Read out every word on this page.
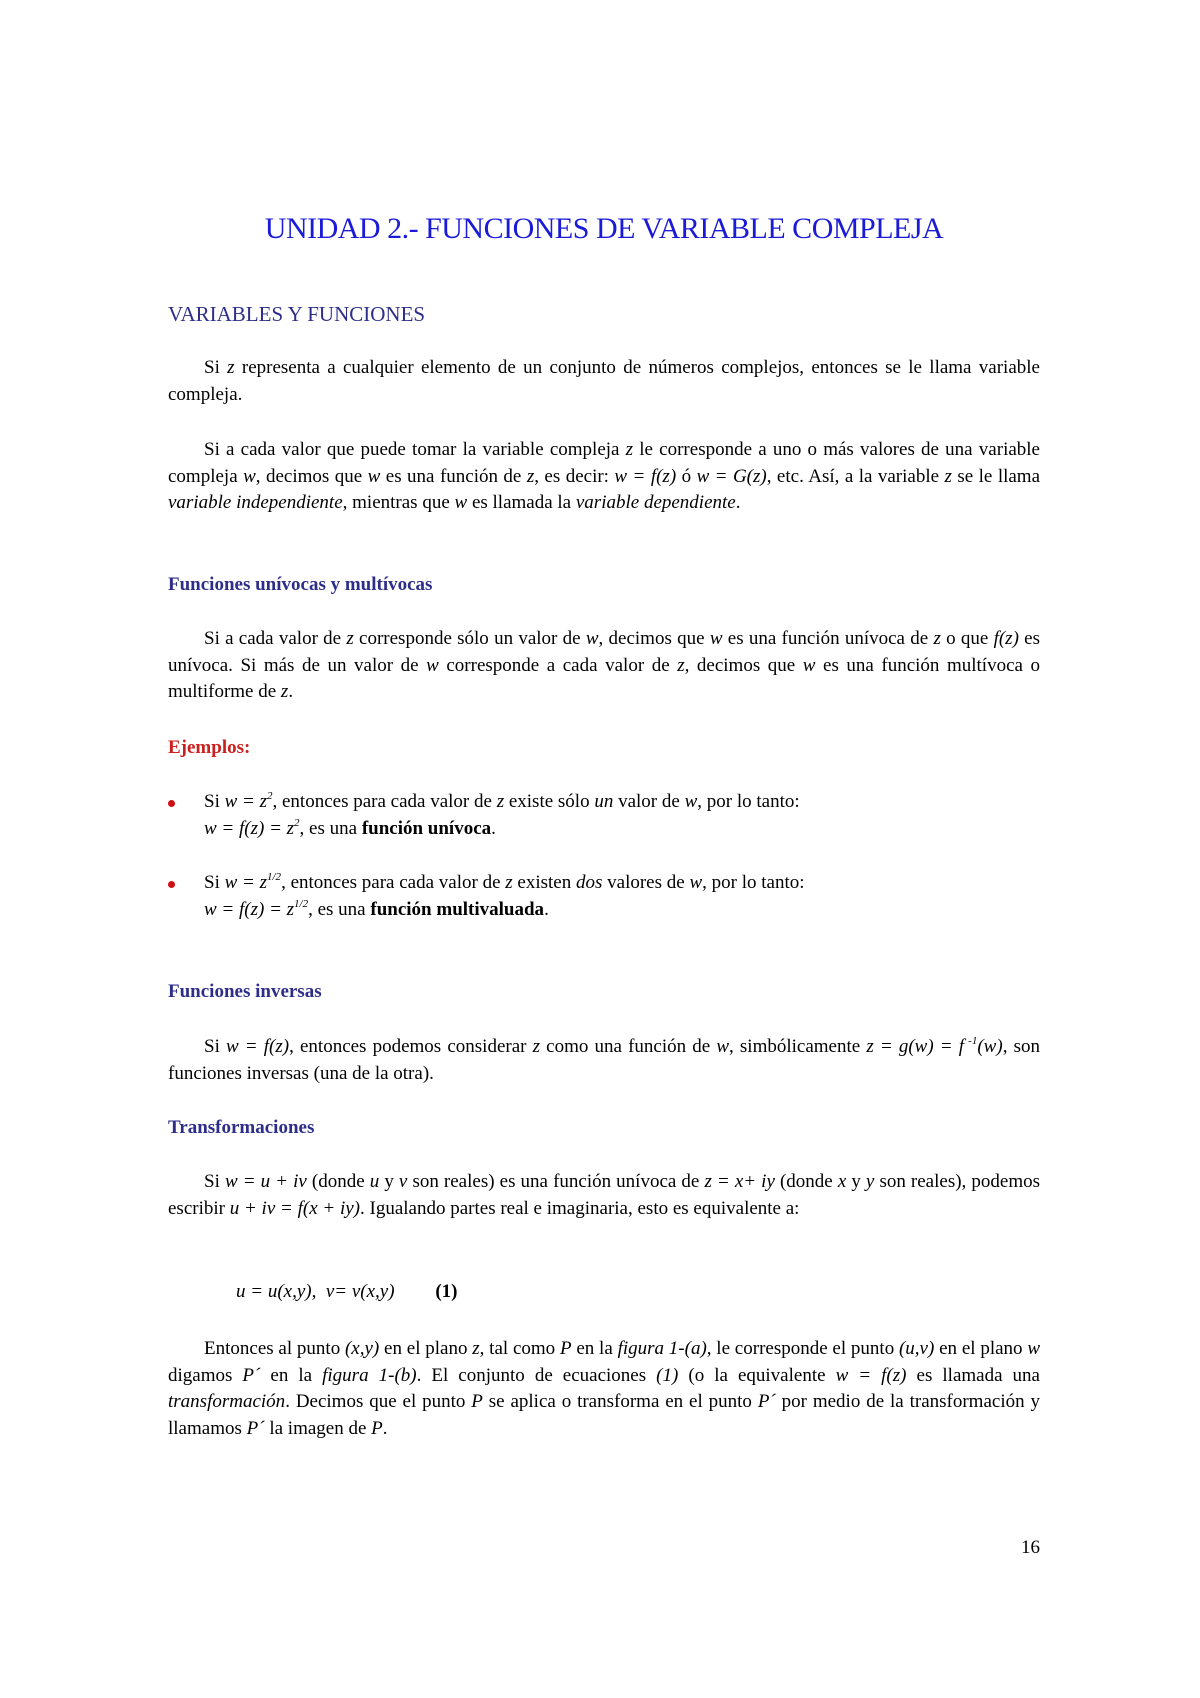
UNIDAD 2.- FUNCIONES DE VARIABLE COMPLEJA
VARIABLES Y FUNCIONES

Si z representa a cualquier elemento de un conjunto de números complejos, entonces se le llama variable compleja.

Si a cada valor que puede tomar la variable compleja z le corresponde a uno o más valores de una variable compleja w, decimos que w es una función de z, es decir: w = f(z) ó w = G(z), etc. Así, a la variable z se le llama variable independiente, mientras que w es llamada la variable dependiente.

Funciones unívocas y multívocas

Si a cada valor de z corresponde sólo un valor de w, decimos que w es una función unívoca de z o que f(z) es unívoca. Si más de un valor de w corresponde a cada valor de z, decimos que w es una función multívoca o multiforme de z.

Ejemplos:

Si $w = z^2$, entonces para cada valor de z existe sólo un valor de w, por lo tanto:

$w = f(z) = z^2$, es una función unívoca.

Si $w = z^{1/2}$, entonces para cada valor de z existen dos valores de w, por lo tanto:

$w = f(z) = z^{1/2}$, es una función multivaluada.

Funciones inversas

Si w = f(z), entonces podemos considerar z como una función de w, simbólicamente z = g(w) = f $^{-1}$(w), son funciones inversas (una de la otra).

Transformaciones

Si w = u + iv (donde u y v son reales) es una función unívoca de z = x+ iy (donde x y y son reales), podemos escribir u + iv = f(x + iy). Igualando partes real e imaginaria, esto es equivalente a:

u = u(x,y),  v= v(x,y) (1)

Entonces al punto (x,y) en el plano z, tal como P en la figura 1-(a), le corresponde el punto (u,v) en el plano w digamos P´ en la figura 1-(b). El conjunto de ecuaciones (1) (o la equivalente w = f(z) es llamada una transformación. Decimos que el punto P se aplica o transforma en el punto P´ por medio de la transformación y llamamos P´ la imagen de P.

16
